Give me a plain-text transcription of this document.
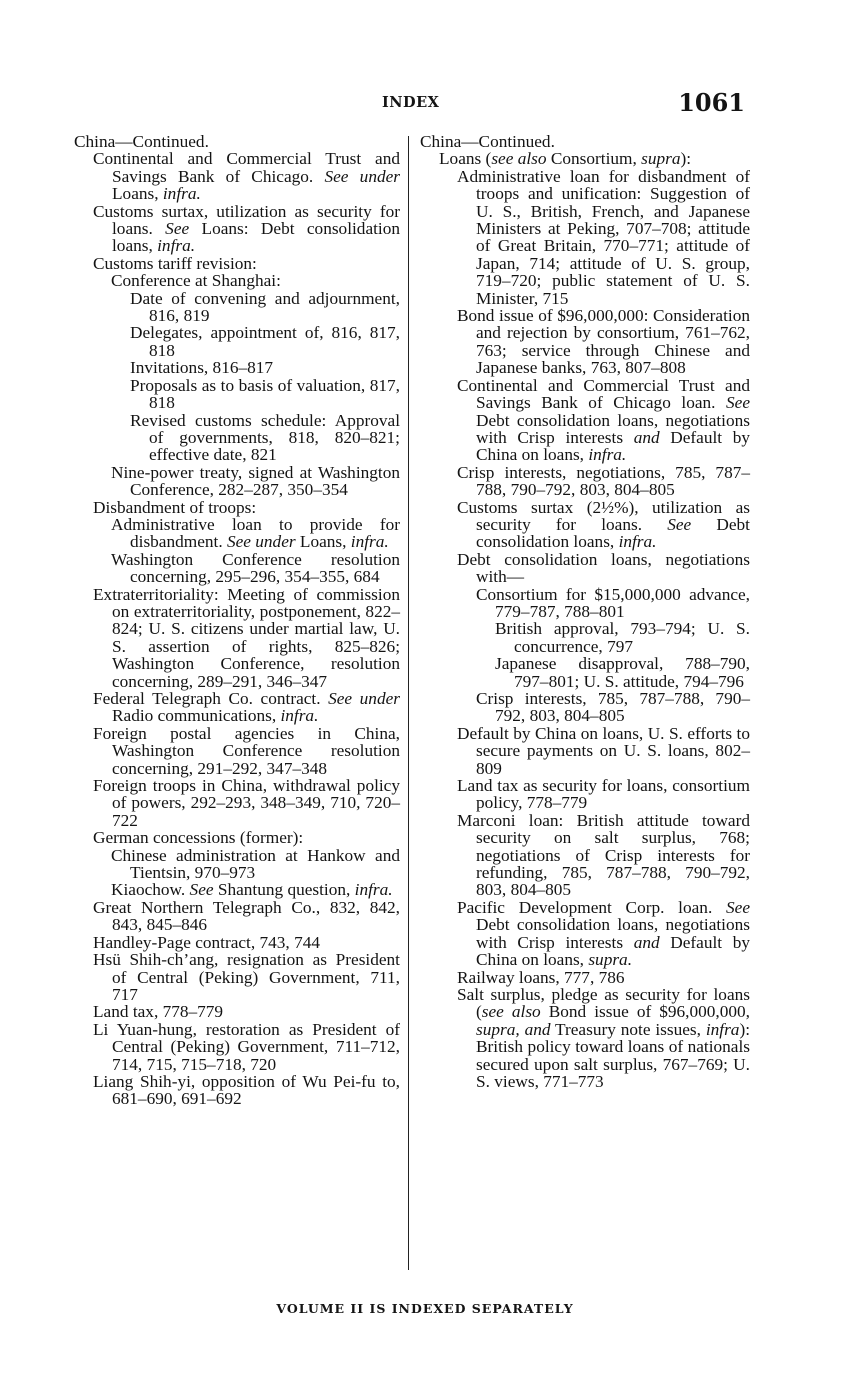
INDEX	1061

China—Continued.

Continental and Commercial Trust and Savings Bank of Chicago. See under Loans, infra.

Customs surtax, utilization as security for loans. See Loans: Debt consolidation loans, infra.

Customs tariff revision:

Conference at Shanghai:

Date of convening and adjournment, 816, 819

Delegates, appointment of, 816, 817, 818

Invitations, 816–817

Proposals as to basis of valuation, 817, 818

Revised customs schedule: Approval of governments, 818, 820–821; effective date, 821

Nine-power treaty, signed at Washington Conference, 282–287, 350–354

Disbandment of troops:

Administrative loan to provide for disbandment. See under Loans, infra.

Washington Conference resolution concerning, 295–296, 354–355, 684

Extraterritoriality: Meeting of commission on extraterritoriality, postponement, 822–824; U. S. citizens under martial law, U. S. assertion of rights, 825–826; Washington Conference, resolution concerning, 289–291, 346–347

Federal Telegraph Co. contract. See under Radio communications, infra.

Foreign postal agencies in China, Washington Conference resolution concerning, 291–292, 347–348

Foreign troops in China, withdrawal policy of powers, 292–293, 348–349, 710, 720–722

German concessions (former):

Chinese administration at Hankow and Tientsin, 970–973

Kiaochow. See Shantung question, infra.

Great Northern Telegraph Co., 832, 842, 843, 845–846

Handley-Page contract, 743, 744

Hsü Shih-ch’ang, resignation as President of Central (Peking) Government, 711, 717

Land tax, 778–779

Li Yuan-hung, restoration as President of Central (Peking) Government, 711–712, 714, 715, 715–718, 720

Liang Shih-yi, opposition of Wu Pei-fu to, 681–690, 691–692

China—Continued.

Loans (see also Consortium, supra):

Administrative loan for disbandment of troops and unification: Suggestion of U. S., British, French, and Japanese Ministers at Peking, 707–708; attitude of Great Britain, 770–771; attitude of Japan, 714; attitude of U. S. group, 719–720; public statement of U. S. Minister, 715

Bond issue of $96,000,000: Consideration and rejection by consortium, 761–762, 763; service through Chinese and Japanese banks, 763, 807–808

Continental and Commercial Trust and Savings Bank of Chicago loan. See Debt consolidation loans, negotiations with Crisp interests and Default by China on loans, infra.

Crisp interests, negotiations, 785, 787–788, 790–792, 803, 804–805

Customs surtax (2½%), utilization as security for loans. See Debt consolidation loans, infra.

Debt consolidation loans, negotiations with—

Consortium for $15,000,000 advance, 779–787, 788–801

British approval, 793–794; U. S. concurrence, 797

Japanese disapproval, 788–790, 797–801; U. S. attitude, 794–796

Crisp interests, 785, 787–788, 790–792, 803, 804–805

Default by China on loans, U. S. efforts to secure payments on U. S. loans, 802–809

Land tax as security for loans, consortium policy, 778–779

Marconi loan: British attitude toward security on salt surplus, 768; negotiations of Crisp interests for refunding, 785, 787–788, 790–792, 803, 804–805

Pacific Development Corp. loan. See Debt consolidation loans, negotiations with Crisp interests and Default by China on loans, supra.

Railway loans, 777, 786

Salt surplus, pledge as security for loans (see also Bond issue of $96,000,000, supra, and Treasury note issues, infra): British policy toward loans of nationals secured upon salt surplus, 767–769; U. S. views, 771–773

VOLUME II IS INDEXED SEPARATELY
